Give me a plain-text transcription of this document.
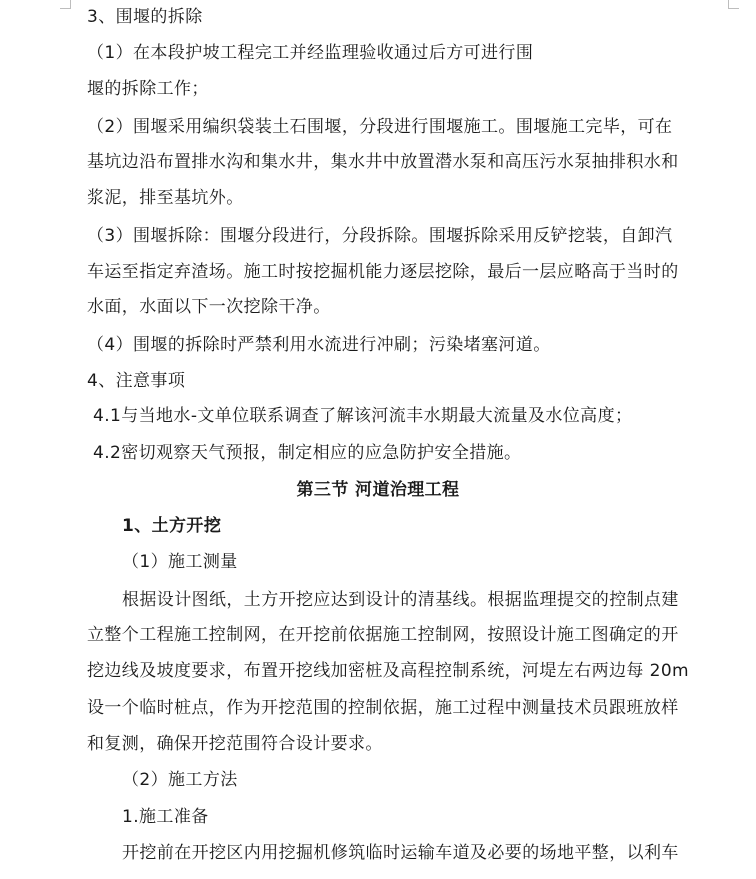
3、围堰的拆除
（1）在本段护坡工程完工并经监理验收通过后方可进行围
堰的拆除工作；
（2）围堰采用编织袋装土石围堰，分段进行围堰施工。围堰施工完毕，可在
基坑边沿布置排水沟和集水井，集水井中放置潜水泵和高压污水泵抽排积水和
浆泥，排至基坑外。
（3）围堰拆除：围堰分段进行，分段拆除。围堰拆除采用反铲挖装，自卸汽
车运至指定弃渣场。施工时按挖掘机能力逐层挖除，最后一层应略高于当时的
水面，水面以下一次挖除干净。
（4）围堰的拆除时严禁利用水流进行冲刷；污染堵塞河道。
4、注意事项
4.1与当地水-文单位联系调查了解该河流丰水期最大流量及水位高度；
4.2密切观察天气预报，制定相应的应急防护安全措施。
第三节 河道治理工程
1、土方开挖
（1）施工测量
根据设计图纸，土方开挖应达到设计的清基线。根据监理提交的控制点建
立整个工程施工控制网，在开挖前依据施工控制网，按照设计施工图确定的开
挖边线及坡度要求，布置开挖线加密桩及高程控制系统，河堤左右两边每 20m
设一个临时桩点，作为开挖范围的控制依据，施工过程中测量技术员跟班放样
和复测，确保开挖范围符合设计要求。
（2）施工方法
1.施工准备
开挖前在开挖区内用挖掘机修筑临时运输车道及必要的场地平整，以利车
